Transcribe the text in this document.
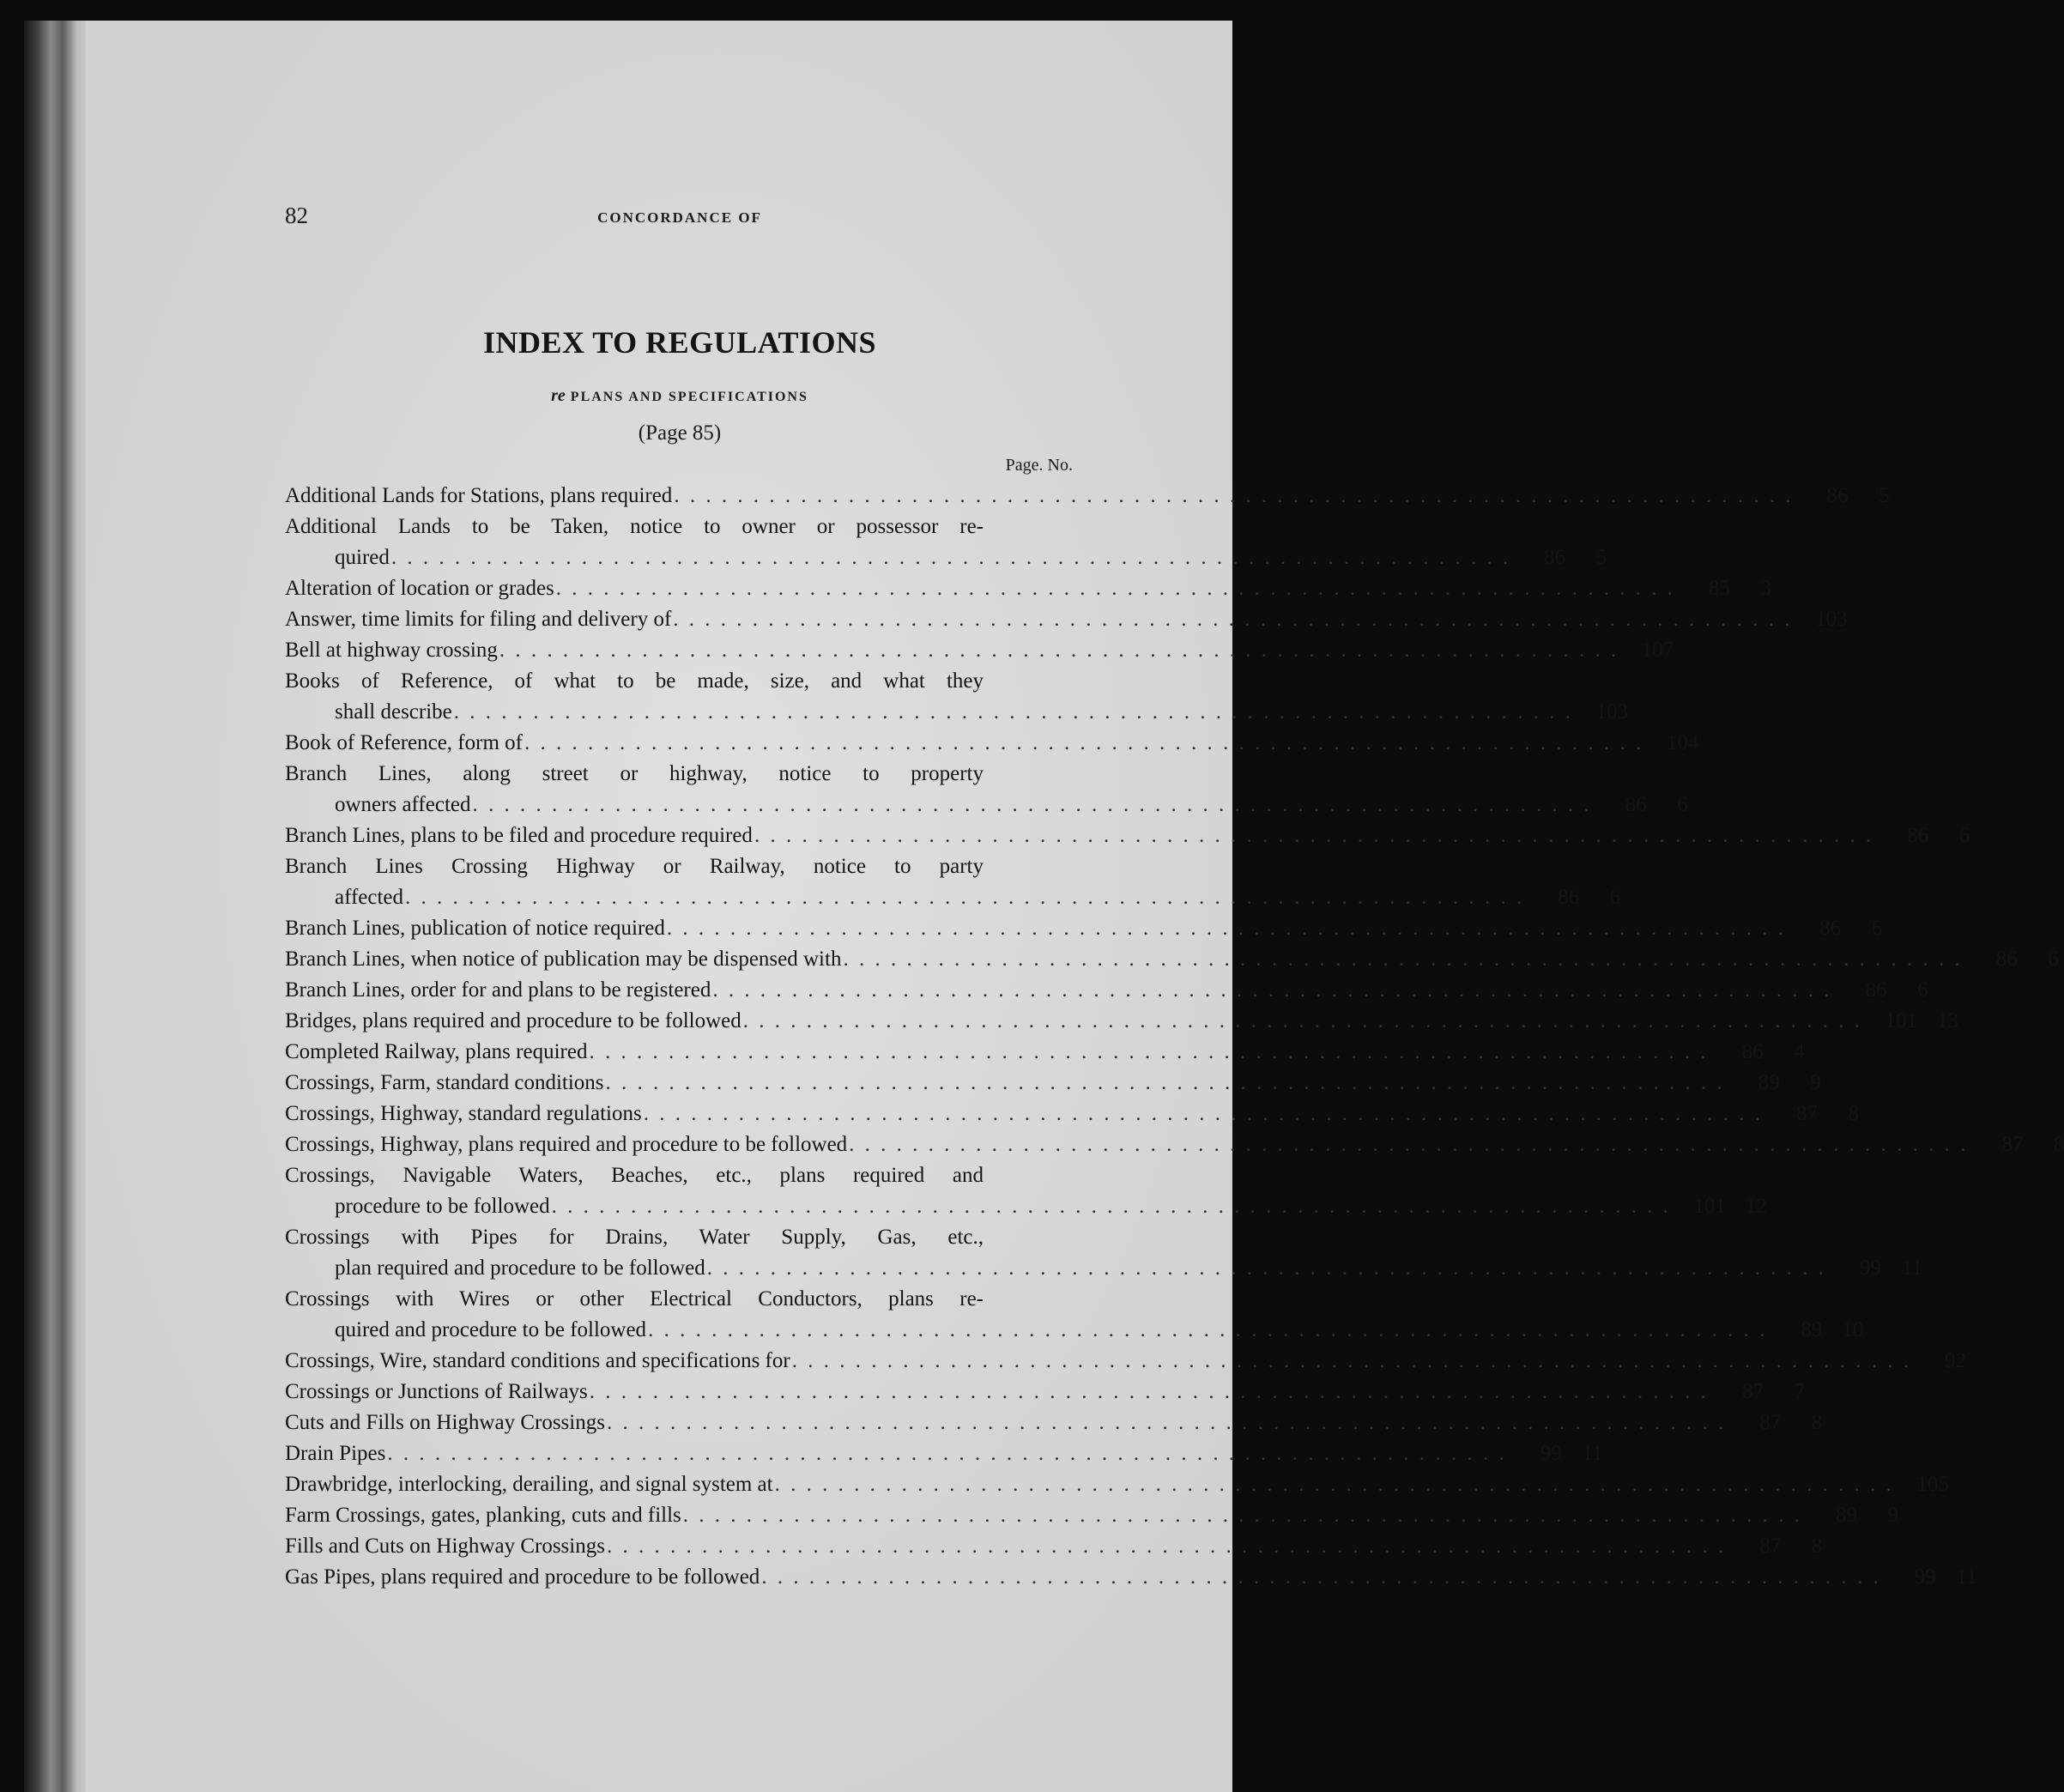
82	CONCORDANCE OF
INDEX TO REGULATIONS
re PLANS AND SPECIFICATIONS
(Page 85)
Page. No.
Additional Lands for Stations, plans required . . . . . . . . . . . . . . . . . . . . . . . . . . . . . . . . . . . . . . . . . . . . . . . . . . . . . . . . . . . . . . . . . . . . . . .	86	5
Additional Lands to be Taken, notice to owner or possessor re-
quired . . . . . . . . . . . . . . . . . . . . . . . . . . . . . . . . . . . . . . . . . . . . . . . . . . . . . . . . . . . . . . . . . . . . . . .	86	5
Alteration of location or grades . . . . . . . . . . . . . . . . . . . . . . . . . . . . . . . . . . . . . . . . . . . . . . . . . . . . . . . . . . . . . . . . . . . . . . .	85	3
Answer, time limits for filing and delivery of . . . . . . . . . . . . . . . . . . . . . . . . . . . . . . . . . . . . . . . . . . . . . . . . . . . . . . . . . . . . . . . . . . . . . . .	103
Bell at highway crossing . . . . . . . . . . . . . . . . . . . . . . . . . . . . . . . . . . . . . . . . . . . . . . . . . . . . . . . . . . . . . . . . . . . . . . .	107
Books of Reference, of what to be made, size, and what they
shall describe . . . . . . . . . . . . . . . . . . . . . . . . . . . . . . . . . . . . . . . . . . . . . . . . . . . . . . . . . . . . . . . . . . . . . . .	103
Book of Reference, form of . . . . . . . . . . . . . . . . . . . . . . . . . . . . . . . . . . . . . . . . . . . . . . . . . . . . . . . . . . . . . . . . . . . . . . .	104
Branch Lines, along street or highway, notice to property
owners affected . . . . . . . . . . . . . . . . . . . . . . . . . . . . . . . . . . . . . . . . . . . . . . . . . . . . . . . . . . . . . . . . . . . . . . .	86	6
Branch Lines, plans to be filed and procedure required . . . . . . . . . . . . . . . . . . . . . . . . . . . . . . . . . . . . . . . . . . . . . . . . . . . . . . . . . . . . . . . . . . . . . . .	86	6
Branch Lines Crossing Highway or Railway, notice to party
affected . . . . . . . . . . . . . . . . . . . . . . . . . . . . . . . . . . . . . . . . . . . . . . . . . . . . . . . . . . . . . . . . . . . . . . .	86	6
Branch Lines, publication of notice required . . . . . . . . . . . . . . . . . . . . . . . . . . . . . . . . . . . . . . . . . . . . . . . . . . . . . . . . . . . . . . . . . . . . . . .	86	6
Branch Lines, when notice of publication may be dispensed with . . . . . . . . . . . . . . . . . . . . . . . . . . . . . . . . . . . . . . . . . . . . . . . . . . . . . . . . . . . . . . . . . . . . . . .	86	6
Branch Lines, order for and plans to be registered . . . . . . . . . . . . . . . . . . . . . . . . . . . . . . . . . . . . . . . . . . . . . . . . . . . . . . . . . . . . . . . . . . . . . . .	86	6
Bridges, plans required and procedure to be followed . . . . . . . . . . . . . . . . . . . . . . . . . . . . . . . . . . . . . . . . . . . . . . . . . . . . . . . . . . . . . . . . . . . . . . .	101 13
Completed Railway, plans required . . . . . . . . . . . . . . . . . . . . . . . . . . . . . . . . . . . . . . . . . . . . . . . . . . . . . . . . . . . . . . . . . . . . . . .	86	4
Crossings, Farm, standard conditions . . . . . . . . . . . . . . . . . . . . . . . . . . . . . . . . . . . . . . . . . . . . . . . . . . . . . . . . . . . . . . . . . . . . . . .	89	9
Crossings, Highway, standard regulations . . . . . . . . . . . . . . . . . . . . . . . . . . . . . . . . . . . . . . . . . . . . . . . . . . . . . . . . . . . . . . . . . . . . . . .	87	8
Crossings, Highway, plans required and procedure to be followed . . . . . . . . . . . . . . . . . . . . . . . . . . . . . . . . . . . . . . . . . . . . . . . . . . . . . . . . . . . . . . . . . . . . . . .	87	8
Crossings, Navigable Waters, Beaches, etc., plans required and
procedure to be followed . . . . . . . . . . . . . . . . . . . . . . . . . . . . . . . . . . . . . . . . . . . . . . . . . . . . . . . . . . . . . . . . . . . . . . .	101 12
Crossings with Pipes for Drains, Water Supply, Gas, etc.,
plan required and procedure to be followed . . . . . . . . . . . . . . . . . . . . . . . . . . . . . . . . . . . . . . . . . . . . . . . . . . . . . . . . . . . . . . . . . . . . . . .	99 11
Crossings with Wires or other Electrical Conductors, plans re-
quired and procedure to be followed . . . . . . . . . . . . . . . . . . . . . . . . . . . . . . . . . . . . . . . . . . . . . . . . . . . . . . . . . . . . . . . . . . . . . . .	89 10
Crossings, Wire, standard conditions and specifications for . . . . . . . . . . . . . . . . . . . . . . . . . . . . . . . . . . . . . . . . . . . . . . . . . . . . . . . . . . . . . . . . . . . . . . .	92
Crossings or Junctions of Railways . . . . . . . . . . . . . . . . . . . . . . . . . . . . . . . . . . . . . . . . . . . . . . . . . . . . . . . . . . . . . . . . . . . . . . .	87	7
Cuts and Fills on Highway Crossings . . . . . . . . . . . . . . . . . . . . . . . . . . . . . . . . . . . . . . . . . . . . . . . . . . . . . . . . . . . . . . . . . . . . . . .	87	8
Drain Pipes . . . . . . . . . . . . . . . . . . . . . . . . . . . . . . . . . . . . . . . . . . . . . . . . . . . . . . . . . . . . . . . . . . . . . . .	99 11
Drawbridge, interlocking, derailing, and signal system at . . . . . . . . . . . . . . . . . . . . . . . . . . . . . . . . . . . . . . . . . . . . . . . . . . . . . . . . . . . . . . . . . . . . . . .	105
Farm Crossings, gates, planking, cuts and fills . . . . . . . . . . . . . . . . . . . . . . . . . . . . . . . . . . . . . . . . . . . . . . . . . . . . . . . . . . . . . . . . . . . . . . .	89	9
Fills and Cuts on Highway Crossings . . . . . . . . . . . . . . . . . . . . . . . . . . . . . . . . . . . . . . . . . . . . . . . . . . . . . . . . . . . . . . . . . . . . . . .	87	8
Gas Pipes, plans required and procedure to be followed . . . . . . . . . . . . . . . . . . . . . . . . . . . . . . . . . . . . . . . . . . . . . . . . . . . . . . . . . . . . . . . . . . . . . . .	99 11
